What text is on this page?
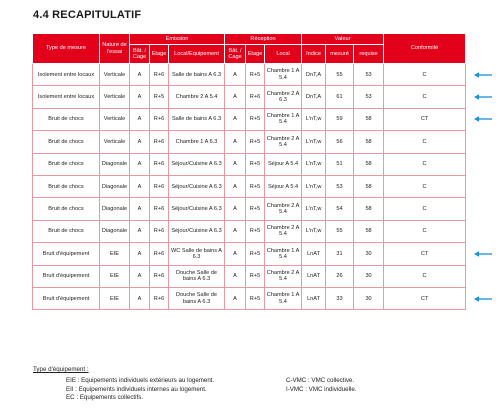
4.4 RECAPITULATIF
Type de mesure	Nature de l'essai	Emission			Réception			Valeur			Conformité
		Bât. / Cage	Etage	Local/Equipement	Bât. / Cage	Etage	Local	Indice	mesuré	requise	
Isolement entre locaux	Verticale	A	R+6	Salle de bains A 6.3	A	R+5	Chambre 1 A 5.4	DnT,A	55	53	C
Isolement entre locaux	Verticale	A	R+5	Chambre 2 A 5.4	A	R+6	Chambre 2 A 6.3	DnT,A	61	53	C
Bruit de chocs	Verticale	A	R+6	Salle de bains A 6.3	A	R+5	Chambre 1 A 5.4	L'nT,w	59	58	CT
Bruit de chocs	Verticale	A	R+6	Chambre 1 A 6.3	A	R+5	Chambre 2 A 5.4	L'nT,w	56	58	C
Bruit de chocs	Diagonale	A	R+6	Séjour/Cuisine A 6.3	A	R+5	Séjour A 5.4	L'nT,w	51	58	C
Bruit de chocs	Diagonale	A	R+6	Séjour/Cuisine A 6.3	A	R+5	Séjour A 5.4	L'nT,w	53	58	C
Bruit de chocs	Diagonale	A	R+6	Séjour/Cuisine A 6.3	A	R+5	Chambre 2 A 5.4	L'nT,w	54	58	C
Bruit de chocs	Diagonale	A	R+6	Séjour/Cuisine A 6.3	A	R+5	Chambre 2 A 5.4	L'nT,w	55	58	C
Bruit d'équipement	EIE	A	R+6	WC Salle de bains A 6.3	A	R+5	Chambre 1 A 5.4	LnAT	31	30	CT
Bruit d'équipement	EIE	A	R+6	Douche Salle de bains A 6.3	A	R+5	Chambre 2 A 5.4	LnAT	26	30	C
Bruit d'équipement	EIE	A	R+6	Douche Salle de bains A 6.3	A	R+5	Chambre 1 A 5.4	LnAT	33	30	CT
Type d'équipement :
EIE : Equipements individuels extérieurs au logement.
EII : Equipements individuels internes au logement.
EC : Equipements collectifs.
C-VMC : VMC collective.
I-VMC : VMC individuelle.
